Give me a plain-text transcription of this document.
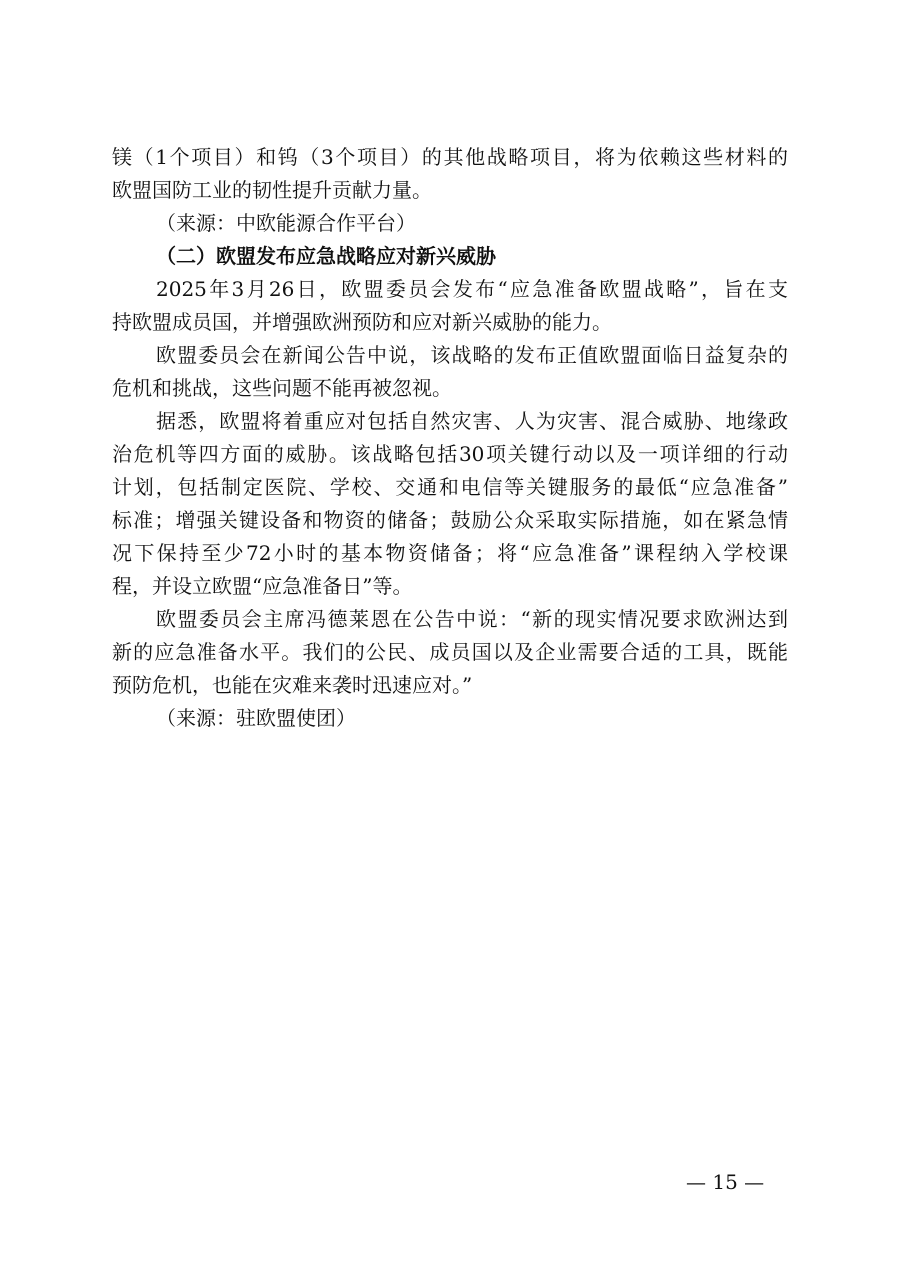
镁（1个项目）和钨（3个项目）的其他战略项目，将为依赖这些材料的
欧盟国防工业的韧性提升贡献力量。
（来源：中欧能源合作平台）
（二）欧盟发布应急战略应对新兴威胁
2025年3月26日，欧盟委员会发布“应急准备欧盟战略”，旨在支
持欧盟成员国，并增强欧洲预防和应对新兴威胁的能力。
欧盟委员会在新闻公告中说，该战略的发布正值欧盟面临日益复杂的
危机和挑战，这些问题不能再被忽视。
据悉，欧盟将着重应对包括自然灾害、人为灾害、混合威胁、地缘政
治危机等四方面的威胁。该战略包括30项关键行动以及一项详细的行动
计划，包括制定医院、学校、交通和电信等关键服务的最低“应急准备”
标准；增强关键设备和物资的储备；鼓励公众采取实际措施，如在紧急情
况下保持至少72小时的基本物资储备；将“应急准备”课程纳入学校课
程，并设立欧盟“应急准备日”等。
欧盟委员会主席冯德莱恩在公告中说：“新的现实情况要求欧洲达到
新的应急准备水平。我们的公民、成员国以及企业需要合适的工具，既能
预防危机，也能在灾难来袭时迅速应对。”
（来源：驻欧盟使团）
— 15 —
